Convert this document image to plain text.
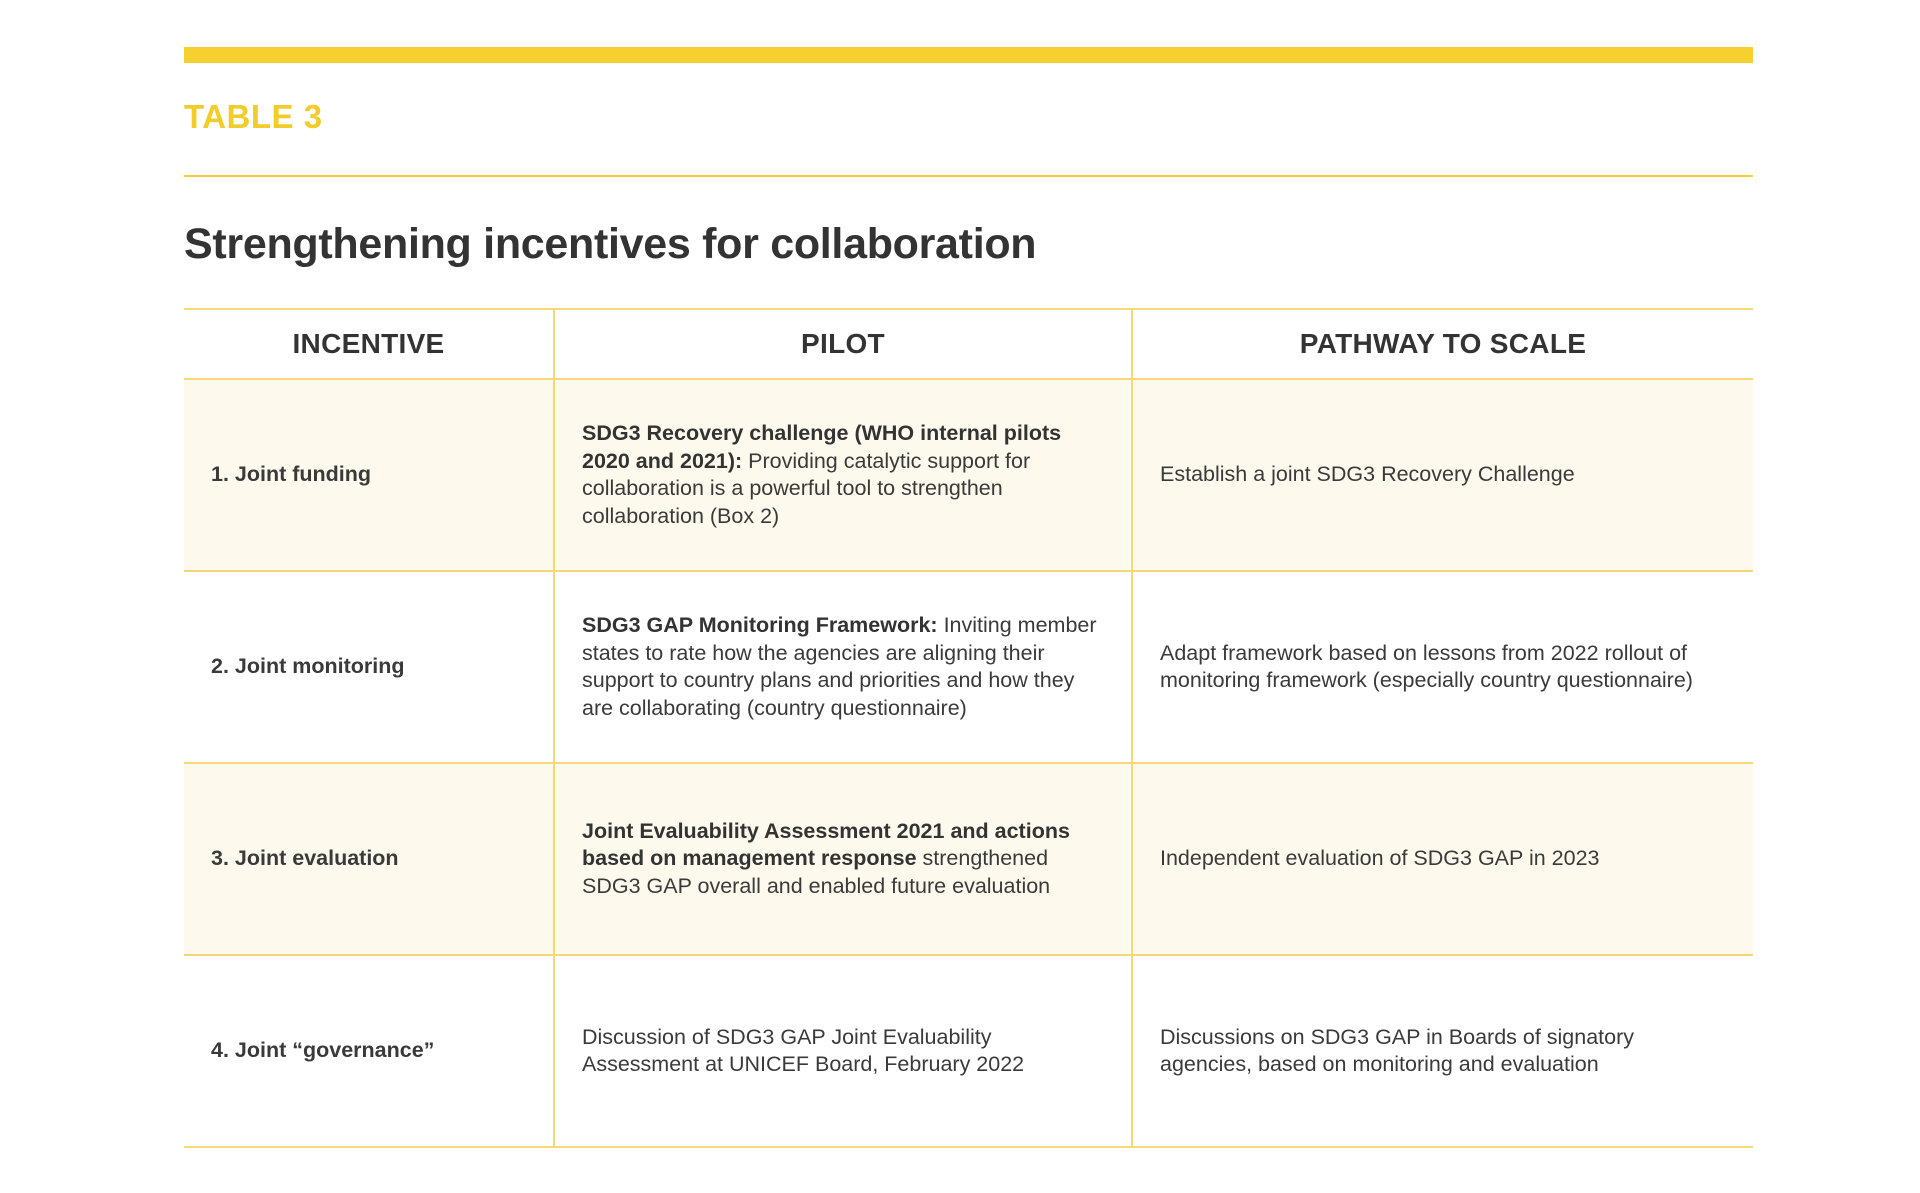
TABLE 3
Strengthening incentives for collaboration
INCENTIVE	PILOT	PATHWAY TO SCALE
1. Joint funding	SDG3 Recovery challenge (WHO internal pilots 2020 and 2021): Providing catalytic support for collaboration is a powerful tool to strengthen collaboration (Box 2)	Establish a joint SDG3 Recovery Challenge
2. Joint monitoring	SDG3 GAP Monitoring Framework: Inviting member states to rate how the agencies are aligning their support to country plans and priorities and how they are collaborating (country questionnaire)	Adapt framework based on lessons from 2022 rollout of monitoring framework (especially country questionnaire)
3. Joint evaluation	Joint Evaluability Assessment 2021 and actions based on management response strengthened SDG3 GAP overall and enabled future evaluation	Independent evaluation of SDG3 GAP in 2023
4. Joint “governance”	Discussion of SDG3 GAP Joint Evaluability Assessment at UNICEF Board, February 2022	Discussions on SDG3 GAP in Boards of signatory agencies, based on monitoring and evaluation
